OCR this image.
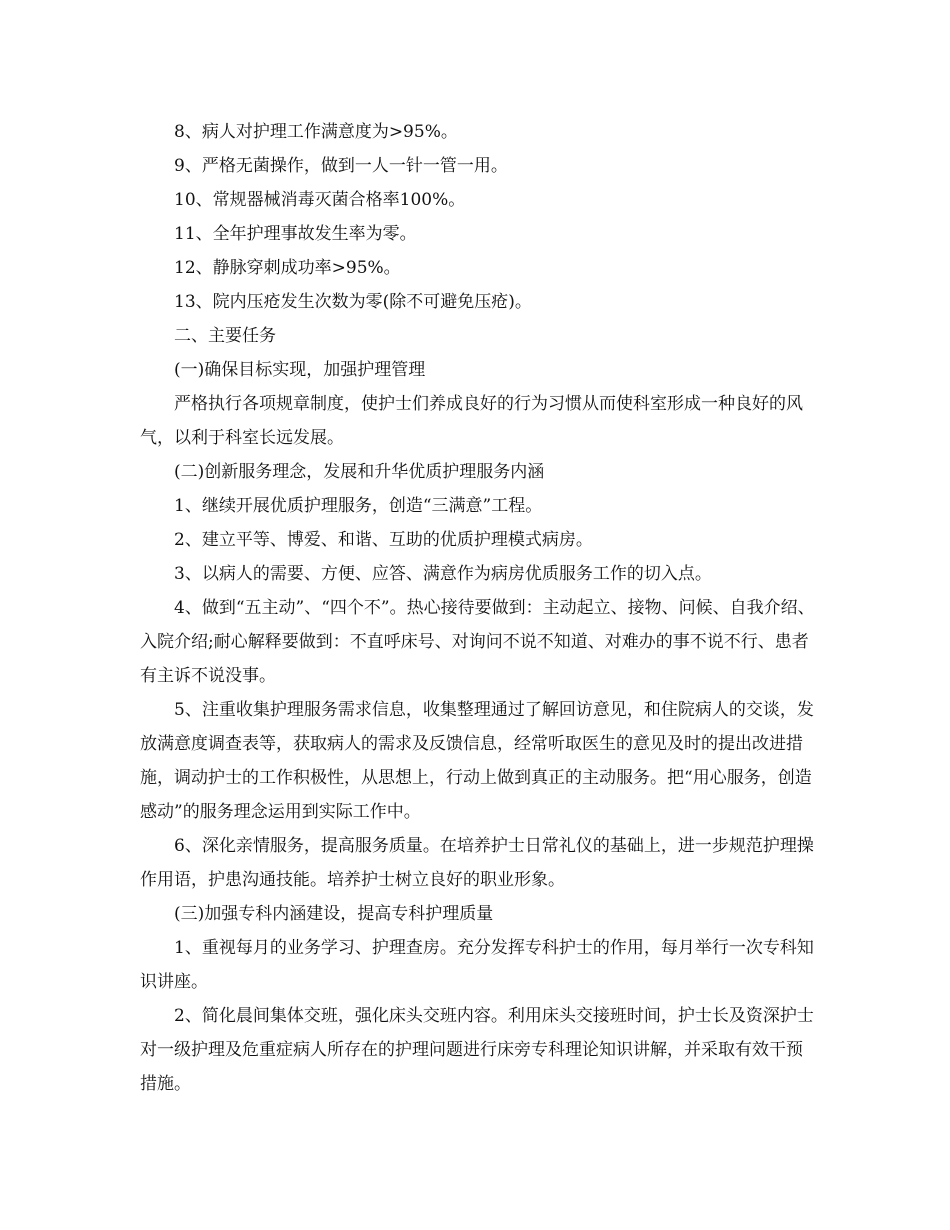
8、病人对护理工作满意度为>95%。

9、严格无菌操作，做到一人一针一管一用。

10、常规器械消毒灭菌合格率100%。

11、全年护理事故发生率为零。

12、静脉穿刺成功率>95%。

13、院内压疮发生次数为零(除不可避免压疮)。

二、主要任务

(一)确保目标实现，加强护理管理

严格执行各项规章制度，使护士们养成良好的行为习惯从而使科室形成一种良好的风气，以利于科室长远发展。

(二)创新服务理念，发展和升华优质护理服务内涵

1、继续开展优质护理服务，创造“三满意”工程。

2、建立平等、博爱、和谐、互助的优质护理模式病房。

3、以病人的需要、方便、应答、满意作为病房优质服务工作的切入点。

4、做到“五主动”、“四个不”。热心接待要做到：主动起立、接物、问候、自我介绍、入院介绍;耐心解释要做到：不直呼床号、对询问不说不知道、对难办的事不说不行、患者有主诉不说没事。

5、注重收集护理服务需求信息，收集整理通过了解回访意见，和住院病人的交谈，发放满意度调查表等，获取病人的需求及反馈信息，经常听取医生的意见及时的提出改进措施，调动护士的工作积极性，从思想上，行动上做到真正的主动服务。把“用心服务，创造感动”的服务理念运用到实际工作中。

6、深化亲情服务，提高服务质量。在培养护士日常礼仪的基础上，进一步规范护理操作用语，护患沟通技能。培养护士树立良好的职业形象。

(三)加强专科内涵建设，提高专科护理质量

1、重视每月的业务学习、护理查房。充分发挥专科护士的作用，每月举行一次专科知识讲座。

2、简化晨间集体交班，强化床头交班内容。利用床头交接班时间，护士长及资深护士对一级护理及危重症病人所存在的护理问题进行床旁专科理论知识讲解，并采取有效干预措施。
